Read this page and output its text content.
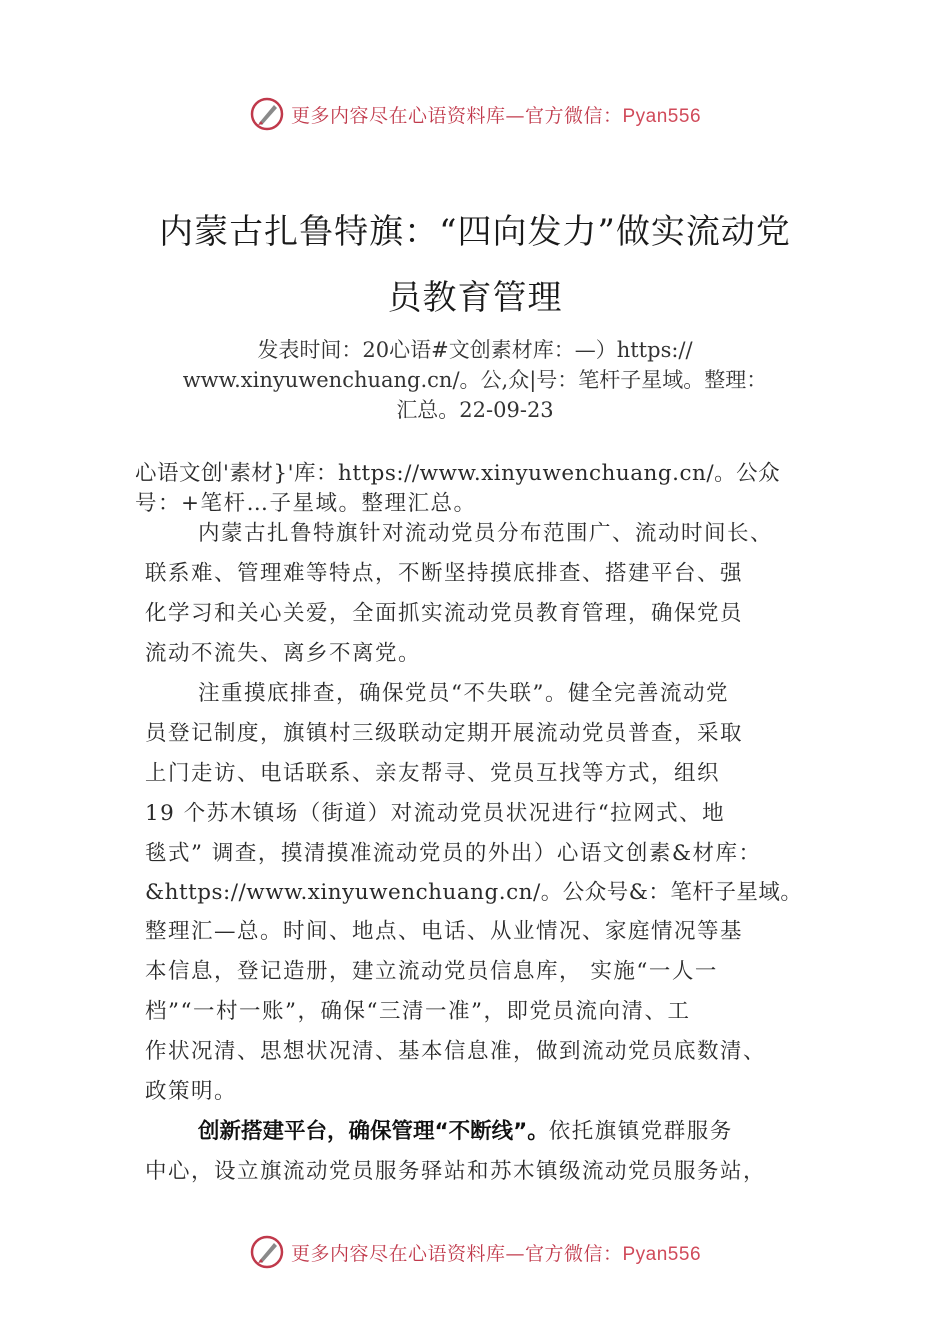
更多内容尽在心语资料库—官方微信：Pyan556
内蒙古扎鲁特旗：“四向发力”做实流动党
员教育管理
发表时间：20心语#文创素材库：—）https://
www.xinyuwenchuang.cn/。公,众|号：笔杆子星域。整理：
汇总。22-09-23
心语文创'素材}'库：https://www.xinyuwenchuang.cn/。公众
号：+笔杆…子星域。整理汇总。
内蒙古扎鲁特旗针对流动党员分布范围广、流动时间长、
联系难、管理难等特点，不断坚持摸底排查、搭建平台、强
化学习和关心关爱，全面抓实流动党员教育管理，确保党员
流动不流失、离乡不离党。
注重摸底排查，确保党员“不失联”。健全完善流动党
员登记制度，旗镇村三级联动定期开展流动党员普查，采取
上门走访、电话联系、亲友帮寻、党员互找等方式，组织
19 个苏木镇场（街道）对流动党员状况进行“拉网式、地
毯式” 调查，摸清摸准流动党员的外出）心语文创素&材库：
&https://www.xinyuwenchuang.cn/。公众号&：笔杆子星域。
整理汇—总。时间、地点、电话、从业情况、家庭情况等基
本信息，登记造册，建立流动党员信息库， 实施“一人一
档”“一村一账”，确保“三清一准”，即党员流向清、工
作状况清、思想状况清、基本信息准，做到流动党员底数清、
政策明。
创新搭建平台，确保管理“不断线”。依托旗镇党群服务
中心，设立旗流动党员服务驿站和苏木镇级流动党员服务站，
更多内容尽在心语资料库—官方微信：Pyan556
